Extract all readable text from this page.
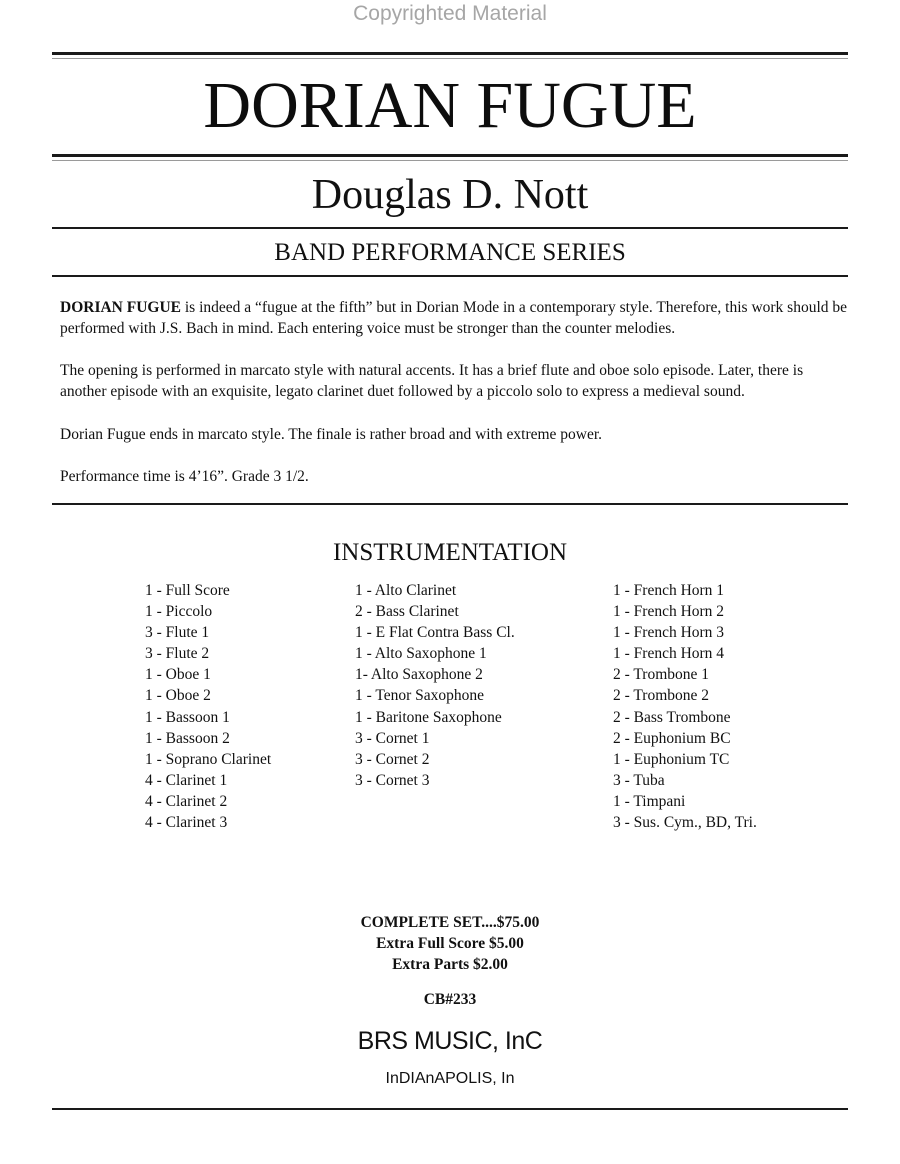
Copyrighted Material
DORIAN FUGUE
Douglas D. Nott
BAND PERFORMANCE SERIES
DORIAN FUGUE is indeed a “fugue at the fifth” but in Dorian Mode in a contemporary style. Therefore, this work should be performed with J.S. Bach in mind. Each entering voice must be stronger than the counter melodies.
The opening is performed in marcato style with natural accents. It has a brief flute and oboe solo episode. Later, there is another episode with an exquisite, legato clarinet duet followed by a piccolo solo to express a medieval sound.
Dorian Fugue ends in marcato style. The finale is rather broad and with extreme power.
Performance time is 4’16”. Grade 3 1/2.
INSTRUMENTATION
1 - Full Score
1 - Piccolo
3 - Flute 1
3 - Flute 2
1 - Oboe 1
1 - Oboe 2
1 - Bassoon 1
1 - Bassoon 2
1 - Soprano Clarinet
4 - Clarinet 1
4 - Clarinet 2
4 - Clarinet 3
1 - Alto Clarinet
2 - Bass Clarinet
1 - E Flat Contra Bass Cl.
1 - Alto Saxophone 1
1- Alto Saxophone 2
1 - Tenor Saxophone
1 - Baritone Saxophone
3 - Cornet 1
3 - Cornet 2
3 - Cornet 3
1 - French Horn 1
1 - French Horn 2
1 - French Horn 3
1 - French Horn 4
2 - Trombone 1
2 - Trombone 2
2 - Bass Trombone
2 - Euphonium BC
1 - Euphonium TC
3 - Tuba
1 - Timpani
3 - Sus. Cym., BD, Tri.
COMPLETE SET....$75.00
Extra Full Score $5.00
Extra Parts $2.00
CB#233
BRS MUSIC, InC
InDIAnAPOLIS, In
